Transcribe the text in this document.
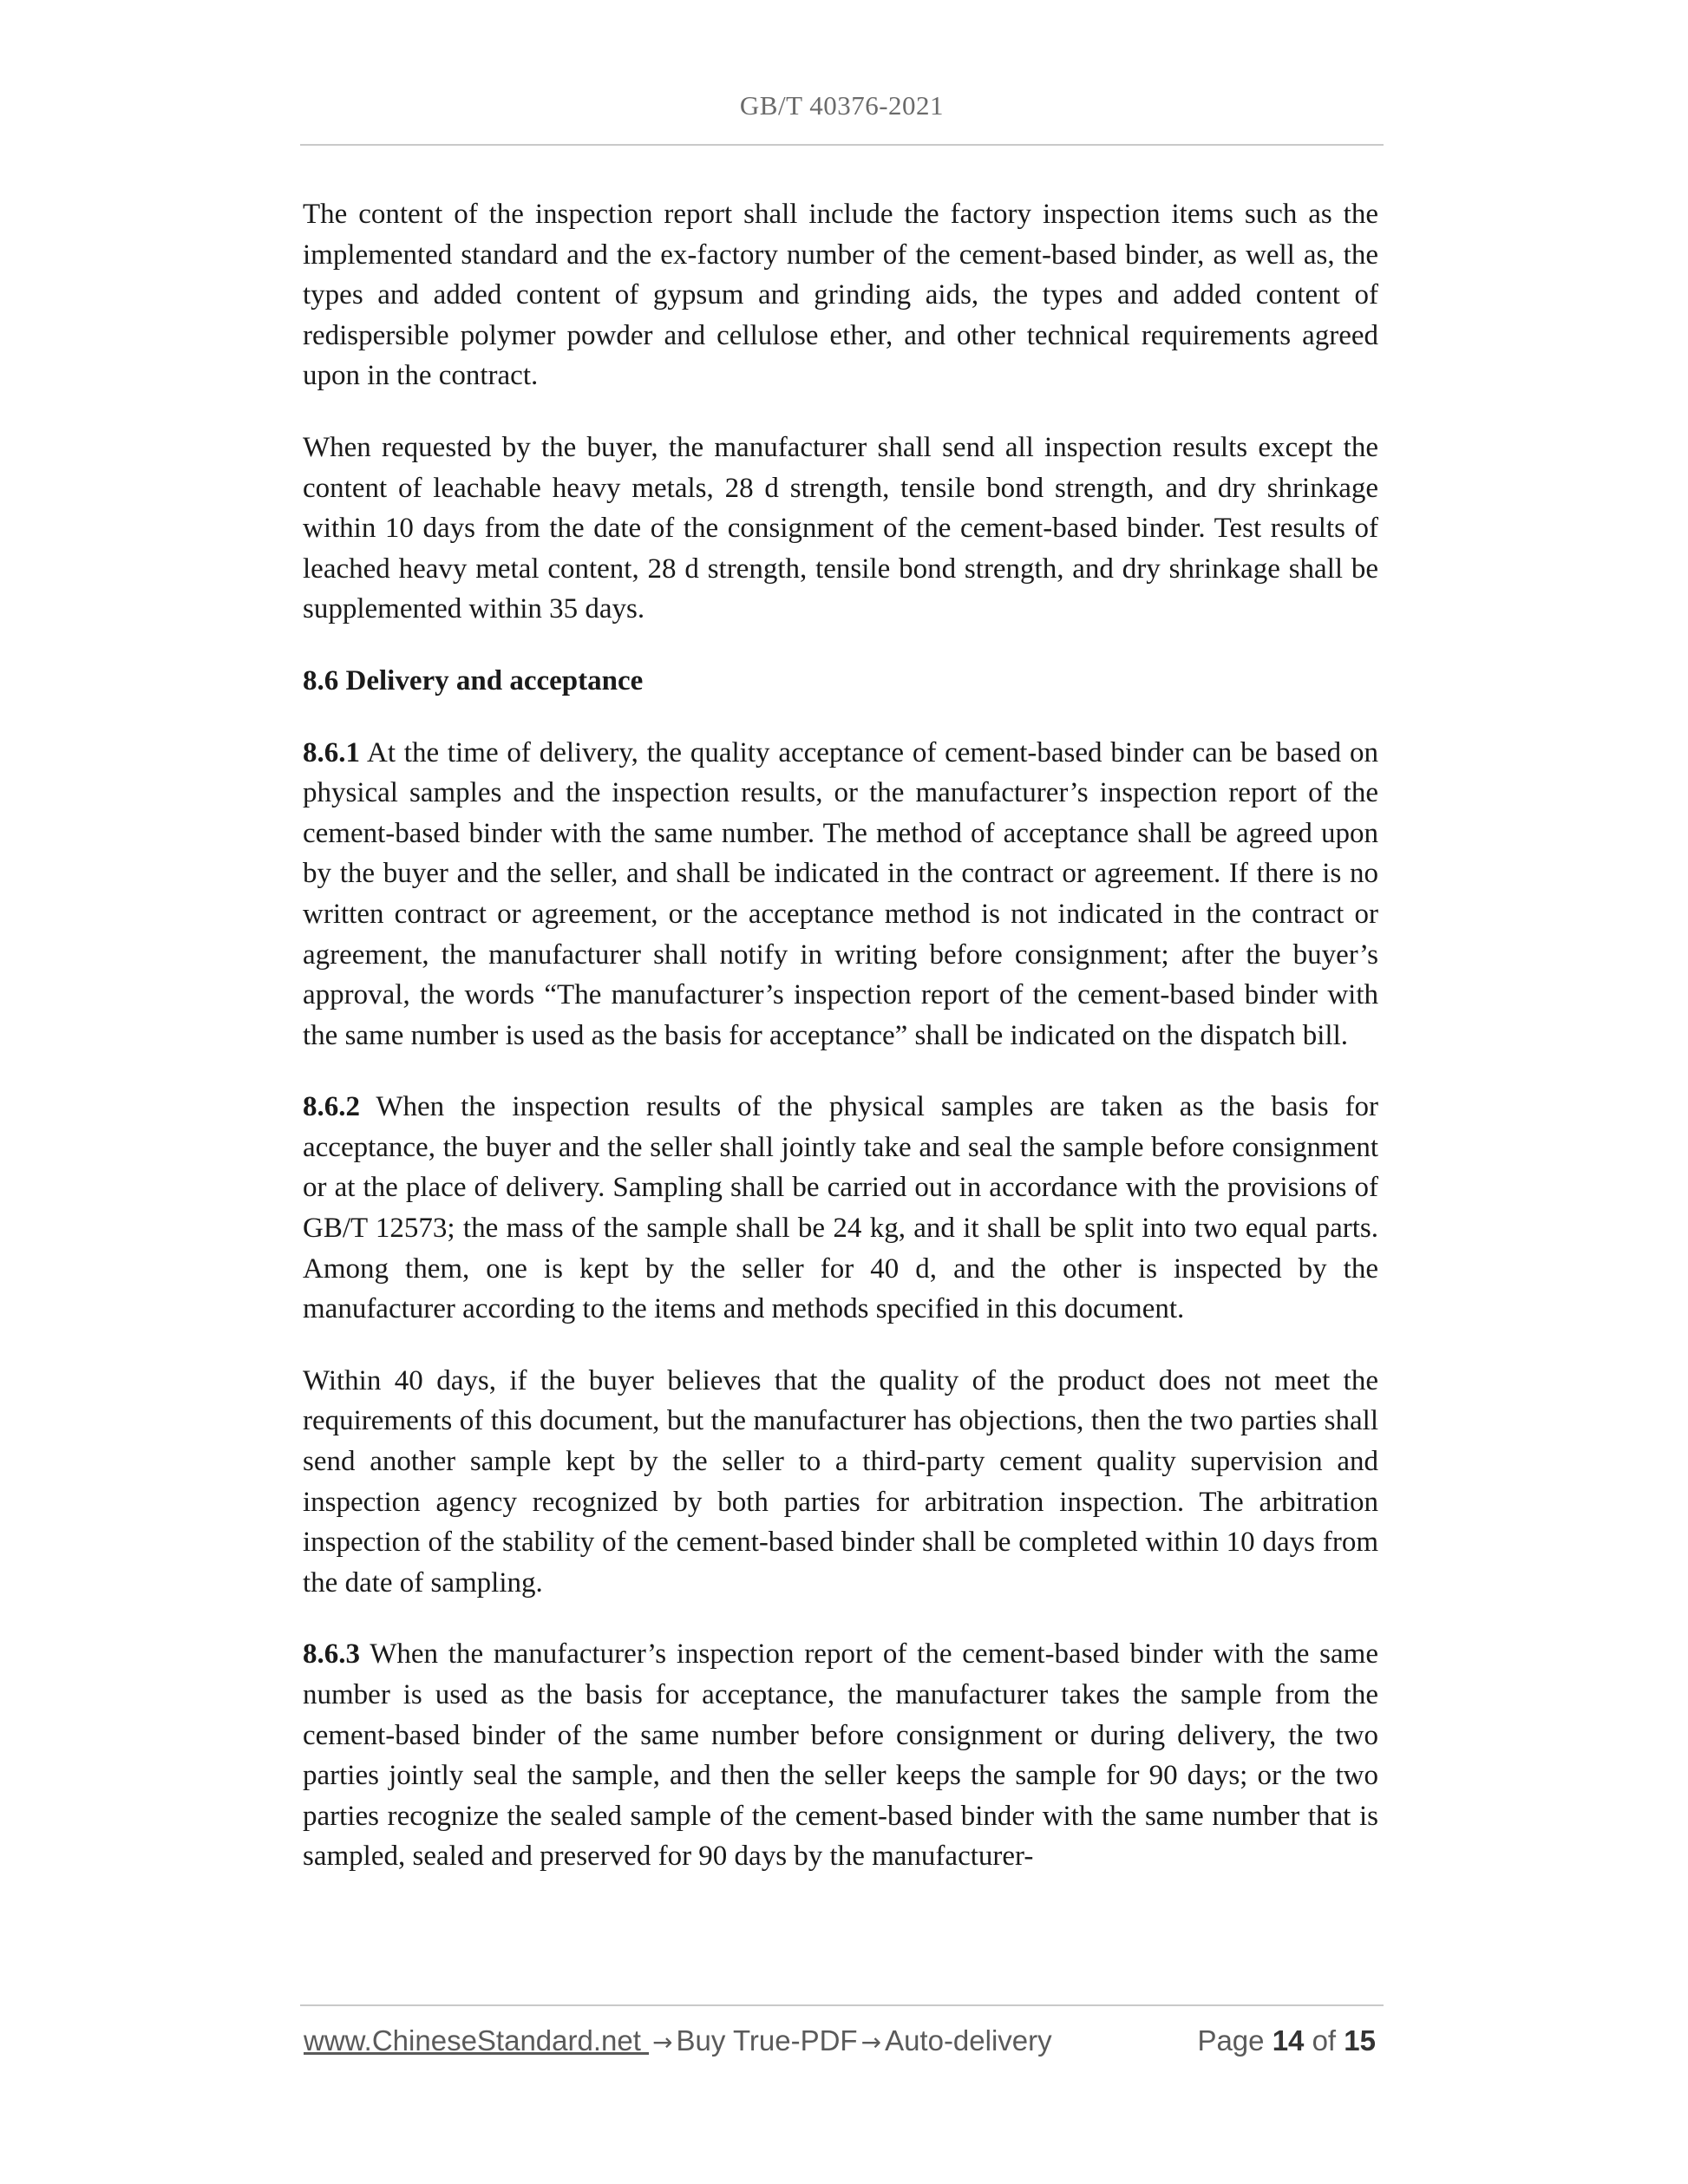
GB/T 40376-2021

The content of the inspection report shall include the factory inspection items such as the implemented standard and the ex-factory number of the cement-based binder, as well as, the types and added content of gypsum and grinding aids, the types and added content of redispersible polymer powder and cellulose ether, and other technical requirements agreed upon in the contract.

When requested by the buyer, the manufacturer shall send all inspection results except the content of leachable heavy metals, 28 d strength, tensile bond strength, and dry shrinkage within 10 days from the date of the consignment of the cement-based binder. Test results of leached heavy metal content, 28 d strength, tensile bond strength, and dry shrinkage shall be supplemented within 35 days.

8.6 Delivery and acceptance

8.6.1 At the time of delivery, the quality acceptance of cement-based binder can be based on physical samples and the inspection results, or the manufacturer’s inspection report of the cement-based binder with the same number. The method of acceptance shall be agreed upon by the buyer and the seller, and shall be indicated in the contract or agreement. If there is no written contract or agreement, or the acceptance method is not indicated in the contract or agreement, the manufacturer shall notify in writing before consignment; after the buyer’s approval, the words “The manufacturer’s inspection report of the cement-based binder with the same number is used as the basis for acceptance” shall be indicated on the dispatch bill.

8.6.2 When the inspection results of the physical samples are taken as the basis for acceptance, the buyer and the seller shall jointly take and seal the sample before consignment or at the place of delivery. Sampling shall be carried out in accordance with the provisions of GB/T 12573; the mass of the sample shall be 24 kg, and it shall be split into two equal parts. Among them, one is kept by the seller for 40 d, and the other is inspected by the manufacturer according to the items and methods specified in this document.

Within 40 days, if the buyer believes that the quality of the product does not meet the requirements of this document, but the manufacturer has objections, then the two parties shall send another sample kept by the seller to a third-party cement quality supervision and inspection agency recognized by both parties for arbitration inspection. The arbitration inspection of the stability of the cement-based binder shall be completed within 10 days from the date of sampling.

8.6.3 When the manufacturer’s inspection report of the cement-based binder with the same number is used as the basis for acceptance, the manufacturer takes the sample from the cement-based binder of the same number before consignment or during delivery, the two parties jointly seal the sample, and then the seller keeps the sample for 90 days; or the two parties recognize the sealed sample of the cement-based binder with the same number that is sampled, sealed and preserved for 90 days by the manufacturer-

www.ChineseStandard.net → Buy True-PDF → Auto-delivery	Page 14 of 15
